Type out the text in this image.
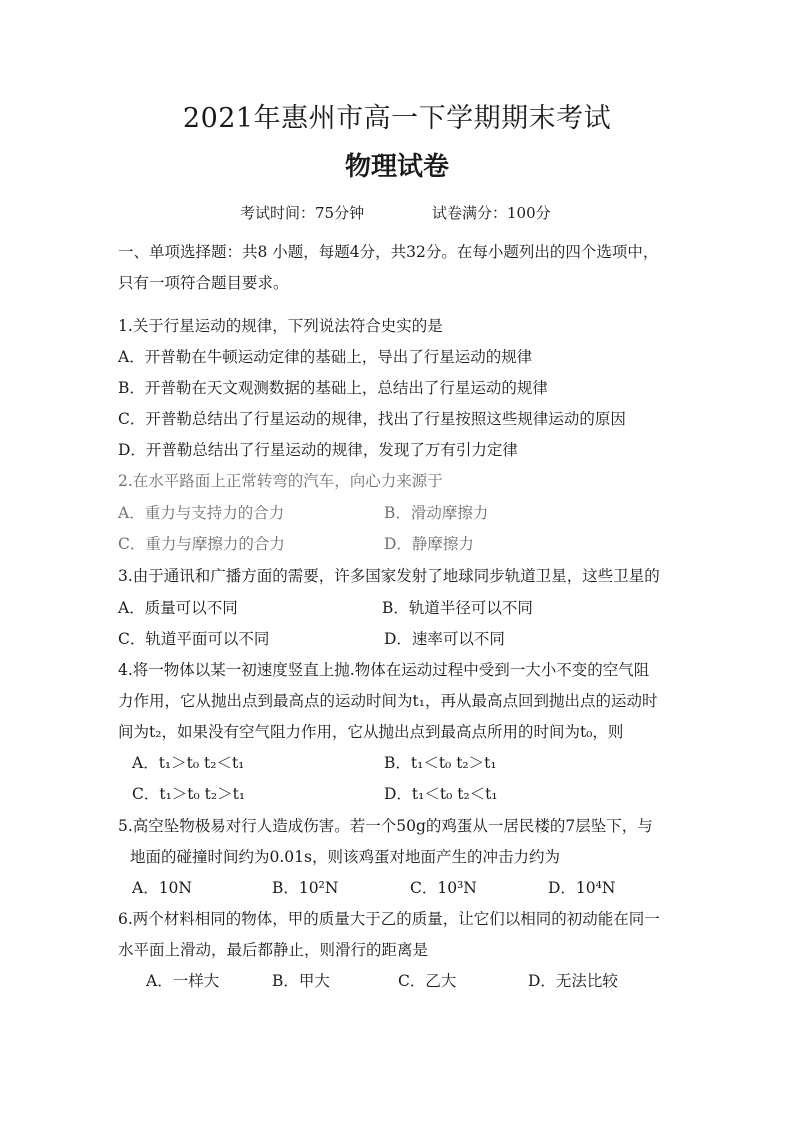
2021年惠州市高一下学期期末考试
物理试卷
考试时间：75分钟	试卷满分：100分
一、单项选择题：共8 小题，每题4分，共32分。在每小题列出的四个选项中，
只有一项符合题目要求。
1.关于行星运动的规律，下列说法符合史实的是
A．开普勒在牛顿运动定律的基础上，导出了行星运动的规律
B．开普勒在天文观测数据的基础上，总结出了行星运动的规律
C．开普勒总结出了行星运动的规律，找出了行星按照这些规律运动的原因
D．开普勒总结出了行星运动的规律，发现了万有引力定律
2.在水平路面上正常转弯的汽车，向心力来源于
A．重力与支持力的合力	B．滑动摩擦力
C．重力与摩擦力的合力	D．静摩擦力
3.由于通讯和广播方面的需要，许多国家发射了地球同步轨道卫星，这些卫星的
A．质量可以不同	B．轨道半径可以不同
C．轨道平面可以不同	D．速率可以不同
4.将一物体以某一初速度竖直上抛.物体在运动过程中受到一大小不变的空气阻
力作用，它从抛出点到最高点的运动时间为t₁，再从最高点回到抛出点的运动时
间为t₂，如果没有空气阻力作用，它从抛出点到最高点所用的时间为t₀，则
A．t₁＞t₀ t₂＜t₁	B．t₁＜t₀ t₂＞t₁
C．t₁＞t₀ t₂＞t₁	D．t₁＜t₀ t₂＜t₁
5.高空坠物极易对行人造成伤害。若一个50g的鸡蛋从一居民楼的7层坠下，与
地面的碰撞时间约为0.01s，则该鸡蛋对地面产生的冲击力约为
A．10N	B．10²N	C．10³N	D．10⁴N
6.两个材料相同的物体，甲的质量大于乙的质量，让它们以相同的初动能在同一
水平面上滑动，最后都静止，则滑行的距离是
A．一样大	B．甲大	C．乙大	D．无法比较
